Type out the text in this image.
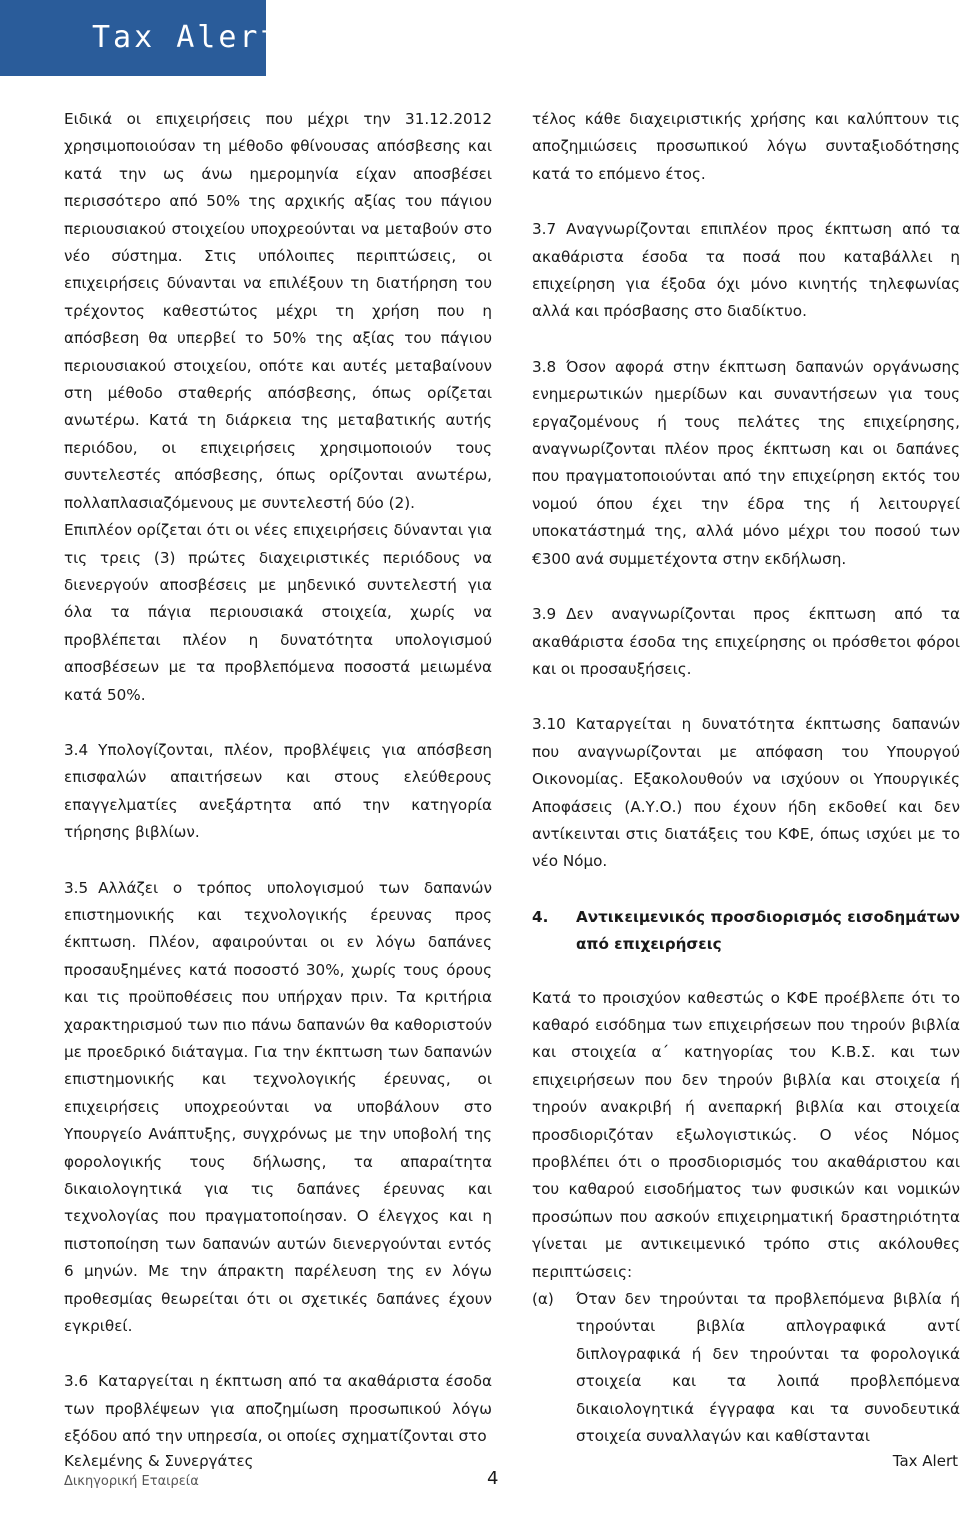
Tax Alert

Ειδικά οι επιχειρήσεις που μέχρι την 31.12.2012 χρησιμοποιούσαν τη μέθοδο φθίνουσας απόσβεσης και κατά την ως άνω ημερομηνία είχαν αποσβέσει περισσότερο από 50% της αρχικής αξίας του πάγιου περιουσιακού στοιχείου υποχρεούνται να μεταβούν στο νέο σύστημα. Στις υπόλοιπες περιπτώσεις, οι επιχειρήσεις δύνανται να επιλέξουν τη διατήρηση του τρέχοντος καθεστώτος μέχρι τη χρήση που η απόσβεση θα υπερβεί το 50% της αξίας του πάγιου περιουσιακού στοιχείου, οπότε και αυτές μεταβαίνουν στη μέθοδο σταθερής απόσβεσης, όπως ορίζεται ανωτέρω. Κατά τη διάρκεια της μεταβατικής αυτής περιόδου, οι επιχειρήσεις χρησιμοποιούν τους συντελεστές απόσβεσης, όπως ορίζονται ανωτέρω, πολλαπλασιαζόμενους με συντελεστή δύο (2).

Επιπλέον ορίζεται ότι οι νέες επιχειρήσεις δύνανται για τις τρεις (3) πρώτες διαχειριστικές περιόδους να διενεργούν αποσβέσεις με μηδενικό συντελεστή για όλα τα πάγια περιουσιακά στοιχεία, χωρίς να προβλέπεται πλέον η δυνατότητα υπολογισμού αποσβέσεων με τα προβλεπόμενα ποσοστά μειωμένα κατά 50%.

3.4 Υπολογίζονται, πλέον, προβλέψεις για απόσβεση επισφαλών απαιτήσεων και στους ελεύθερους επαγγελματίες ανεξάρτητα από την κατηγορία τήρησης βιβλίων.

3.5 Αλλάζει ο τρόπος υπολογισμού των δαπανών επιστημονικής και τεχνολογικής έρευνας προς έκπτωση. Πλέον, αφαιρούνται οι εν λόγω δαπάνες προσαυξημένες κατά ποσοστό 30%, χωρίς τους όρους και τις προϋποθέσεις που υπήρχαν πριν. Τα κριτήρια χαρακτηρισμού των πιο πάνω δαπανών θα καθοριστούν με προεδρικό διάταγμα. Για την έκπτωση των δαπανών επιστημονικής και τεχνολογικής έρευνας, οι επιχειρήσεις υποχρεούνται να υποβάλουν στο Υπουργείο Ανάπτυξης, συγχρόνως με την υποβολή της φορολογικής τους δήλωσης, τα απαραίτητα δικαιολογητικά για τις δαπάνες έρευνας και τεχνολογίας που πραγματοποίησαν. Ο έλεγχος και η πιστοποίηση των δαπανών αυτών διενεργούνται εντός 6 μηνών. Με την άπρακτη παρέλευση της εν λόγω προθεσμίας θεωρείται ότι οι σχετικές δαπάνες έχουν εγκριθεί.

3.6 Καταργείται η έκπτωση από τα ακαθάριστα έσοδα των προβλέψεων για αποζημίωση προσωπικού λόγω εξόδου από την υπηρεσία, οι οποίες σχηματίζονται στο

τέλος κάθε διαχειριστικής χρήσης και καλύπτουν τις αποζημιώσεις προσωπικού λόγω συνταξιοδότησης κατά το επόμενο έτος.

3.7 Αναγνωρίζονται επιπλέον προς έκπτωση από τα ακαθάριστα έσοδα τα ποσά που καταβάλλει η επιχείρηση για έξοδα όχι μόνο κινητής τηλεφωνίας αλλά και πρόσβασης στο διαδίκτυο.

3.8 Όσον αφορά στην έκπτωση δαπανών οργάνωσης ενημερωτικών ημερίδων και συναντήσεων για τους εργαζομένους ή τους πελάτες της επιχείρησης, αναγνωρίζονται πλέον προς έκπτωση και οι δαπάνες που πραγματοποιούνται από την επιχείρηση εκτός του νομού όπου έχει την έδρα της ή λειτουργεί υποκατάστημά της, αλλά μόνο μέχρι του ποσού των €300 ανά συμμετέχοντα στην εκδήλωση.

3.9 Δεν αναγνωρίζονται προς έκπτωση από τα ακαθάριστα έσοδα της επιχείρησης οι πρόσθετοι φόροι και οι προσαυξήσεις.

3.10 Καταργείται η δυνατότητα έκπτωσης δαπανών που αναγνωρίζονται με απόφαση του Υπουργού Οικονομίας. Εξακολουθούν να ισχύουν οι Υπουργικές Αποφάσεις (Α.Υ.Ο.) που έχουν ήδη εκδοθεί και δεν αντίκεινται στις διατάξεις του ΚΦΕ, όπως ισχύει με το νέο Νόμο.

4.	Αντικειμενικός προσδιορισμός εισοδημάτων από επιχειρήσεις

Κατά το προισχύον καθεστώς ο ΚΦΕ προέβλεπε ότι το καθαρό εισόδημα των επιχειρήσεων που τηρούν βιβλία και στοιχεία α΄ κατηγορίας του Κ.Β.Σ. και των επιχειρήσεων που δεν τηρούν βιβλία και στοιχεία ή τηρούν ανακριβή ή ανεπαρκή βιβλία και στοιχεία προσδιοριζόταν εξωλογιστικώς. Ο νέος Νόμος προβλέπει ότι ο προσδιορισμός του ακαθάριστου και του καθαρού εισοδήματος των φυσικών και νομικών προσώπων που ασκούν επιχειρηματική δραστηριότητα γίνεται με αντικειμενικό τρόπο στις ακόλουθες περιπτώσεις:

(α)	Όταν δεν τηρούνται τα προβλεπόμενα βιβλία ή τηρούνται βιβλία απλογραφικά αντί διπλογραφικά ή δεν τηρούνται τα φορολογικά στοιχεία και τα λοιπά προβλεπόμενα δικαιολογητικά έγγραφα και τα συνοδευτικά στοιχεία συναλλαγών και καθίστανται
Κελεμένης & Συνεργάτες
Δικηγορική Εταιρεία	4
Tax Alert
